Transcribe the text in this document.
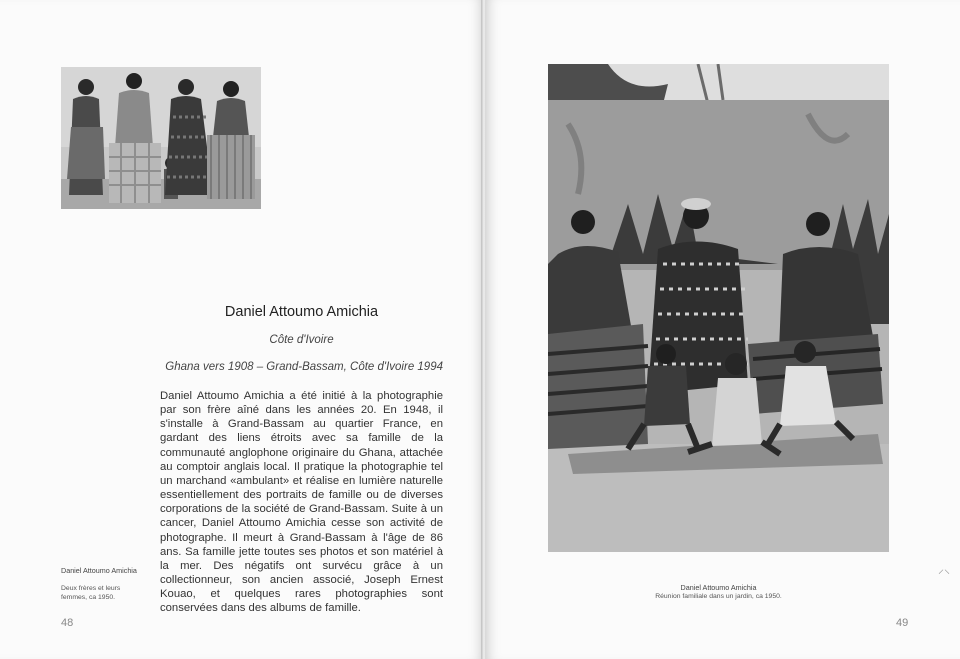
Daniel Attoumo Amichia
Côte d'Ivoire
Ghana vers 1908 – Grand-Bassam, Côte d'Ivoire 1994

Daniel Attoumo Amichia a été initié à la photographie par son frère aîné dans les années 20. En 1948, il s'installe à Grand-Bassam au quartier France, en gardant des liens étroits avec sa famille de la communauté anglophone originaire du Ghana, attachée au comptoir anglais local. Il pratique la photographie tel un marchand «ambulant» et réalise en lumière naturelle essentiellement des portraits de famille ou de diverses corporations de la société de Grand-Bassam. Suite à un cancer, Daniel Attoumo Amichia cesse son activité de photographe. Il meurt à Grand-Bassam à l'âge de 86 ans. Sa famille jette toutes ses photos et son matériel à la mer. Des négatifs ont survécu grâce à un collectionneur, son ancien associé, Joseph Ernest Kouao, et quelques rares photographies sont conservées dans des albums de famille.

Daniel Attoumo Amichia
Deux frères et leurs femmes, ca 1950.
48	49
Daniel Attoumo Amichia
Réunion familiale dans un jardin, ca 1950.
⸝⸜
